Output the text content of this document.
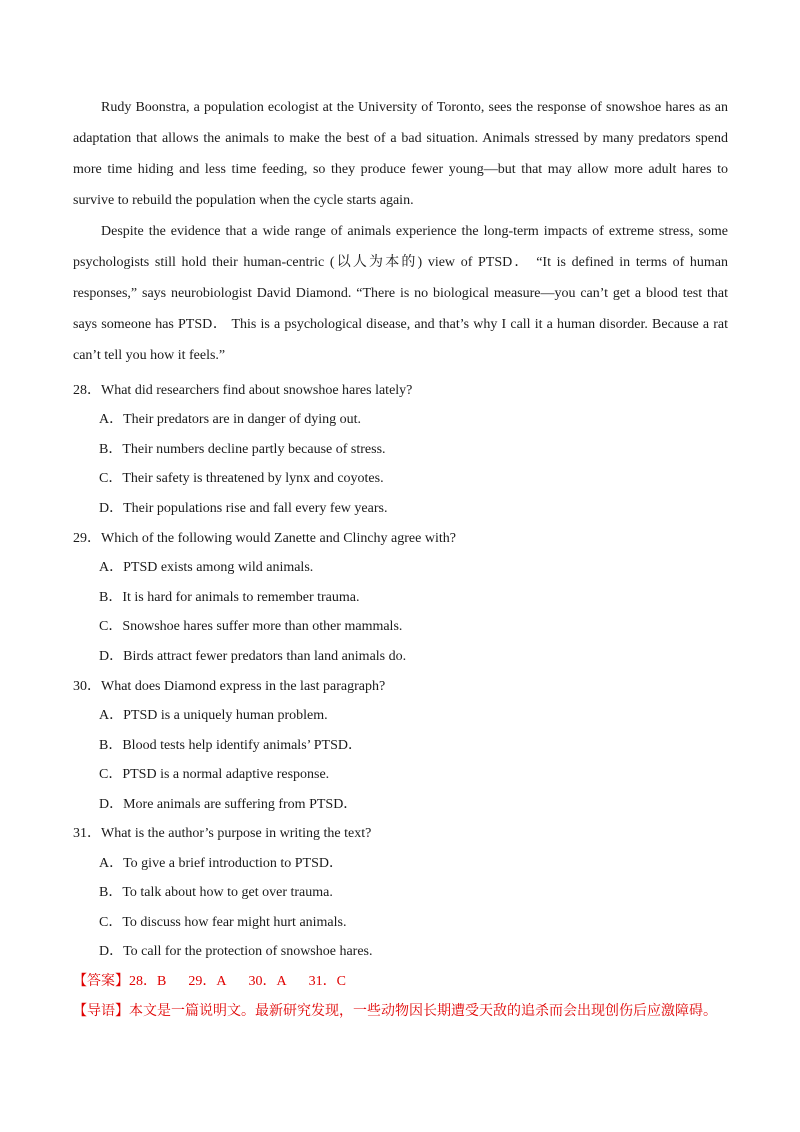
Rudy Boonstra, a population ecologist at the University of Toronto, sees the response of snowshoe hares as an adaptation that allows the animals to make the best of a bad situation. Animals stressed by many predators spend more time hiding and less time feeding, so they produce fewer young—but that may allow more adult hares to survive to rebuild the population when the cycle starts again.

Despite the evidence that a wide range of animals experience the long-term impacts of extreme stress, some psychologists still hold their human-centric (以人为本的) view of PTSD． “It is defined in terms of human responses,” says neurobiologist David Diamond. “There is no biological measure—you can’t get a blood test that says someone has PTSD． This is a psychological disease, and that’s why I call it a human disorder. Because a rat can’t tell you how it feels.”

28．What did researchers find about snowshoe hares lately?
A．Their predators are in danger of dying out.
B．Their numbers decline partly because of stress.
C．Their safety is threatened by lynx and coyotes.
D．Their populations rise and fall every few years.
29．Which of the following would Zanette and Clinchy agree with?
A．PTSD exists among wild animals.
B．It is hard for animals to remember trauma.
C．Snowshoe hares suffer more than other mammals.
D．Birds attract fewer predators than land animals do.
30．What does Diamond express in the last paragraph?
A．PTSD is a uniquely human problem.
B．Blood tests help identify animals’ PTSD．
C．PTSD is a normal adaptive response.
D．More animals are suffering from PTSD．
31．What is the author’s purpose in writing the text?
A．To give a brief introduction to PTSD．
B．To talk about how to get over trauma.
C．To discuss how fear might hurt animals.
D．To call for the protection of snowshoe hares.
【答案】28．B 29．A 30．A 31．C
【导语】本文是一篇说明文。最新研究发现，一些动物因长期遭受天敌的追杀而会出现创伤后应激障碍。
